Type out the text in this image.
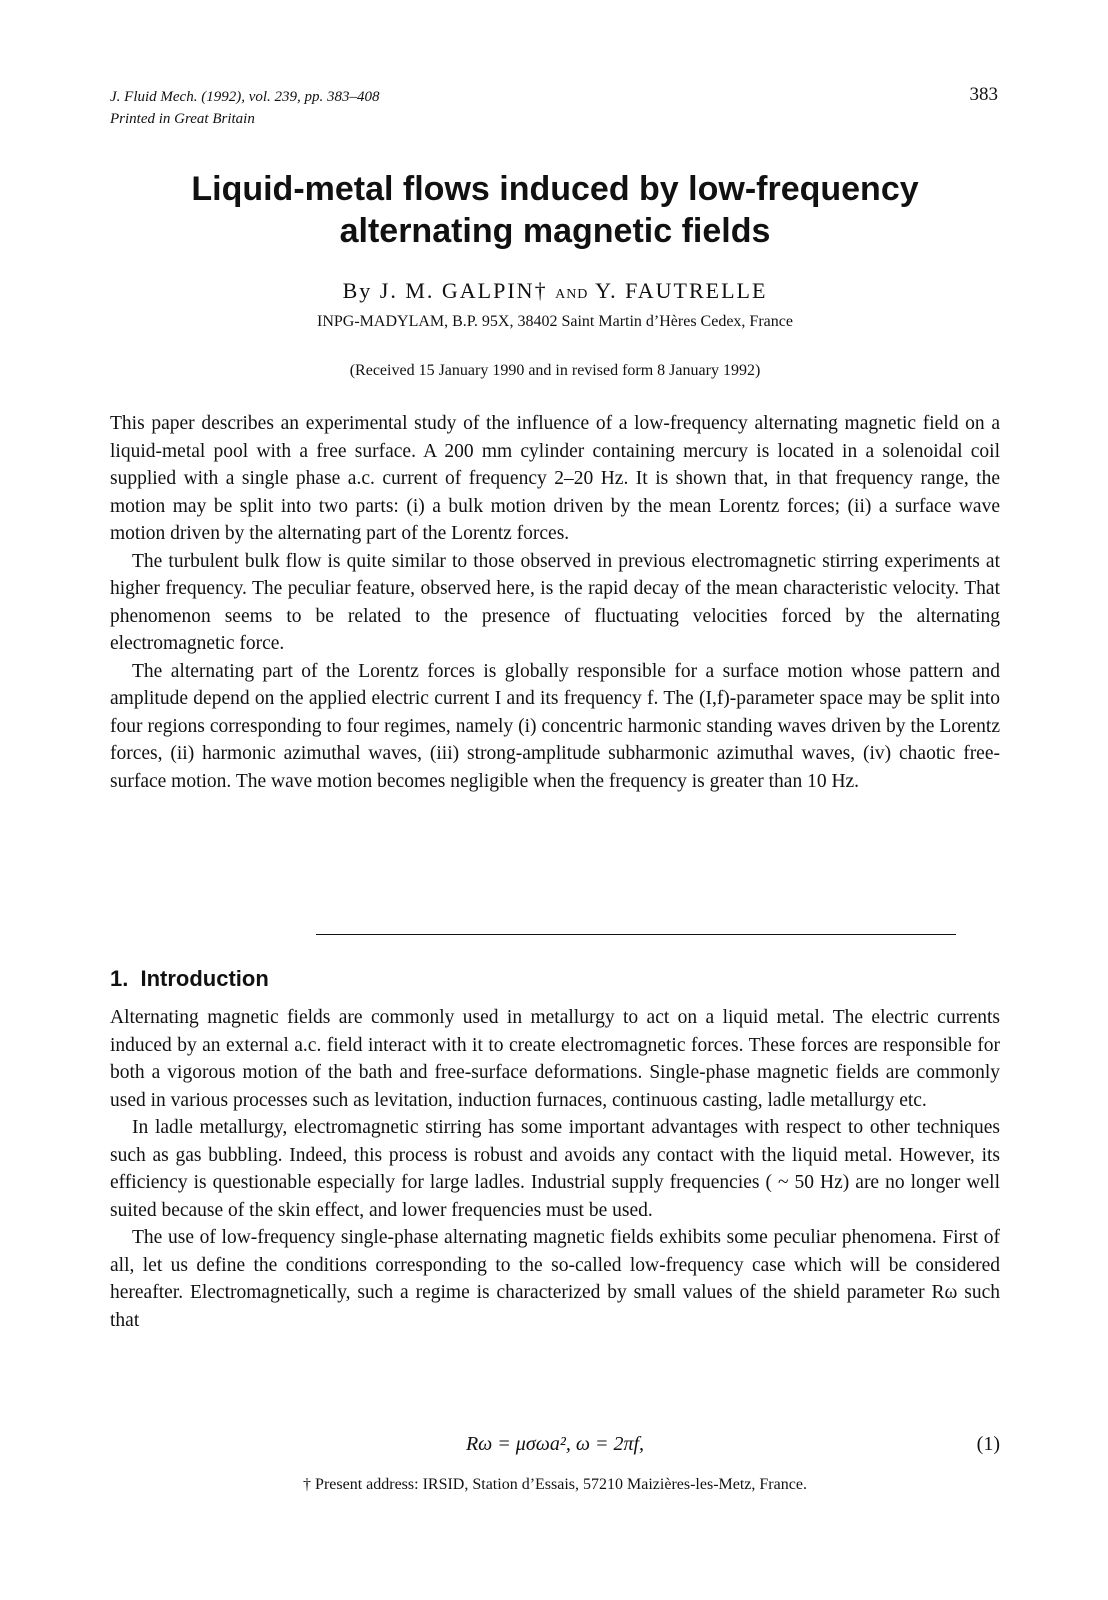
J. Fluid Mech. (1992), vol. 239, pp. 383–408
Printed in Great Britain
383
Liquid-metal flows induced by low-frequency
alternating magnetic fields
By J. M. GALPIN† AND Y. FAUTRELLE
INPG-MADYLAM, B.P. 95X, 38402 Saint Martin d’Hères Cedex, France
(Received 15 January 1990 and in revised form 8 January 1992)

This paper describes an experimental study of the influence of a low-frequency alternating magnetic field on a liquid-metal pool with a free surface. A 200 mm cylinder containing mercury is located in a solenoidal coil supplied with a single phase a.c. current of frequency 2–20 Hz. It is shown that, in that frequency range, the motion may be split into two parts: (i) a bulk motion driven by the mean Lorentz forces; (ii) a surface wave motion driven by the alternating part of the Lorentz forces.

The turbulent bulk flow is quite similar to those observed in previous electromagnetic stirring experiments at higher frequency. The peculiar feature, observed here, is the rapid decay of the mean characteristic velocity. That phenomenon seems to be related to the presence of fluctuating velocities forced by the alternating electromagnetic force.

The alternating part of the Lorentz forces is globally responsible for a surface motion whose pattern and amplitude depend on the applied electric current I and its frequency f. The (I,f)-parameter space may be split into four regions corresponding to four regimes, namely (i) concentric harmonic standing waves driven by the Lorentz forces, (ii) harmonic azimuthal waves, (iii) strong-amplitude subharmonic azimuthal waves, (iv) chaotic free-surface motion. The wave motion becomes negligible when the frequency is greater than 10 Hz.

1. Introduction

Alternating magnetic fields are commonly used in metallurgy to act on a liquid metal. The electric currents induced by an external a.c. field interact with it to create electromagnetic forces. These forces are responsible for both a vigorous motion of the bath and free-surface deformations. Single-phase magnetic fields are commonly used in various processes such as levitation, induction furnaces, continuous casting, ladle metallurgy etc.

In ladle metallurgy, electromagnetic stirring has some important advantages with respect to other techniques such as gas bubbling. Indeed, this process is robust and avoids any contact with the liquid metal. However, its efficiency is questionable especially for large ladles. Industrial supply frequencies ( ~ 50 Hz) are no longer well suited because of the skin effect, and lower frequencies must be used.

The use of low-frequency single-phase alternating magnetic fields exhibits some peculiar phenomena. First of all, let us define the conditions corresponding to the so-called low-frequency case which will be considered hereafter. Electromagnetically, such a regime is characterized by small values of the shield parameter Rω such that

Rω = μσωa², ω = 2πf,	(1)
† Present address: IRSID, Station d’Essais, 57210 Maizières-les-Metz, France.
